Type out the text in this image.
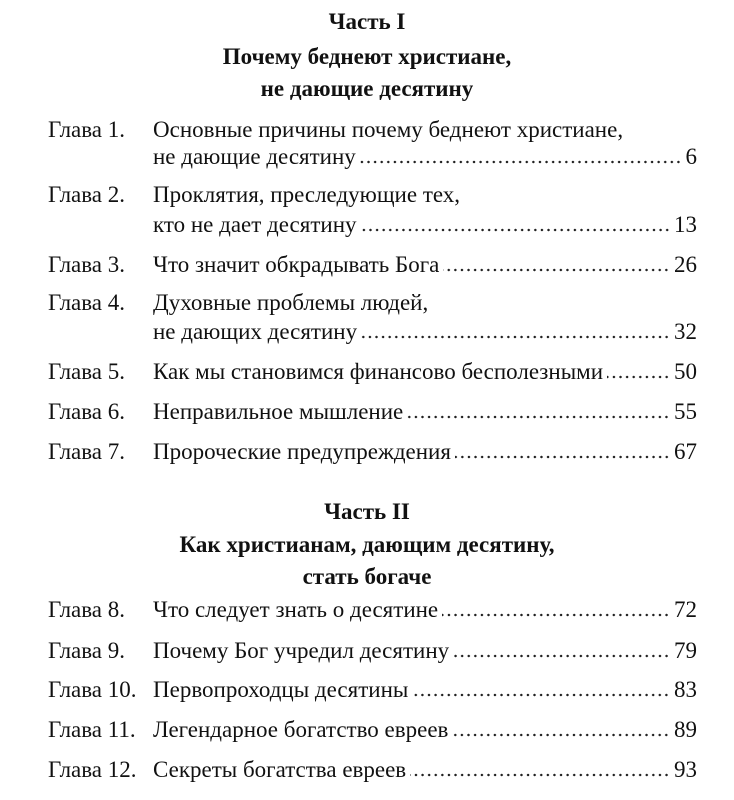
Часть I
Почему беднеют христиане,
не дающие десятину
Глава 1. Основные причины почему беднеют христиане,
не дающие десятину	6
Глава 2. Проклятия, преследующие тех,
кто не дает десятину	13
Глава 3. Что значит обкрадывать Бога	26
Глава 4. Духовные проблемы людей,
не дающих десятину	32
Глава 5. Как мы становимся финансово бесполезными	50
Глава 6. Неправильное мышление	55
Глава 7. Пророческие предупреждения	67
Часть II
Как христианам, дающим десятину,
стать богаче
Глава 8. Что следует знать о десятине	72
Глава 9. Почему Бог учредил десятину	79
Глава 10. Первопроходцы десятины	83
Глава 11. Легендарное богатство евреев	89
Глава 12. Секреты богатства евреев	93
